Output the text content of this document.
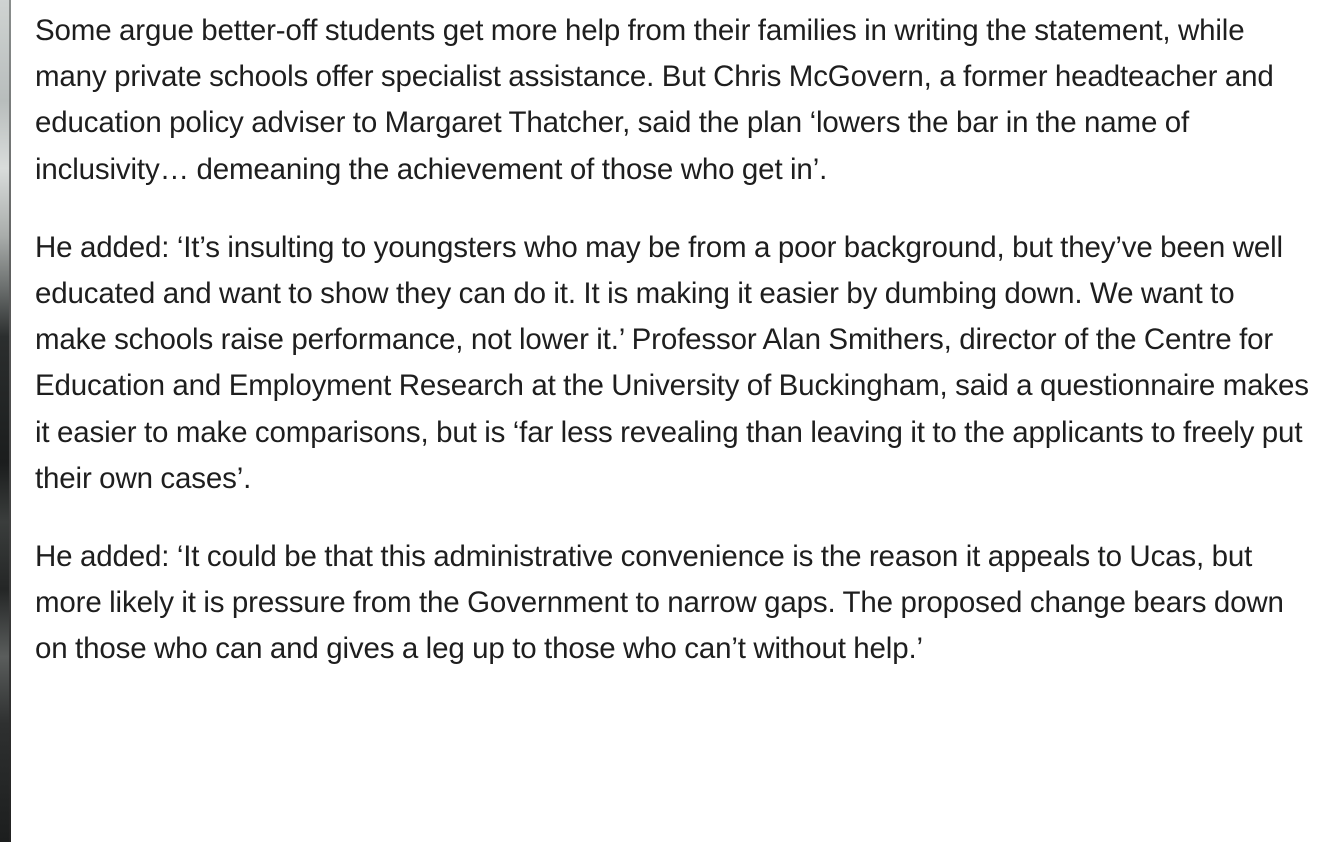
Some argue better-off students get more help from their families in writing the statement, while many private schools offer specialist assistance. But Chris McGovern, a former headteacher and education policy adviser to Margaret Thatcher, said the plan ‘lowers the bar in the name of inclusivity… demeaning the achievement of those who get in’.

He added: ‘It’s insulting to youngsters who may be from a poor background, but they’ve been well educated and want to show they can do it. It is making it easier by dumbing down. We want to make schools raise performance, not lower it.’ Professor Alan Smithers, director of the Centre for Education and Employment Research at the University of Buckingham, said a questionnaire makes it easier to make comparisons, but is ‘far less revealing than leaving it to the applicants to freely put their own cases’.

He added: ‘It could be that this administrative convenience is the reason it appeals to Ucas, but more likely it is pressure from the Government to narrow gaps. The proposed change bears down on those who can and gives a leg up to those who can’t without help.’
